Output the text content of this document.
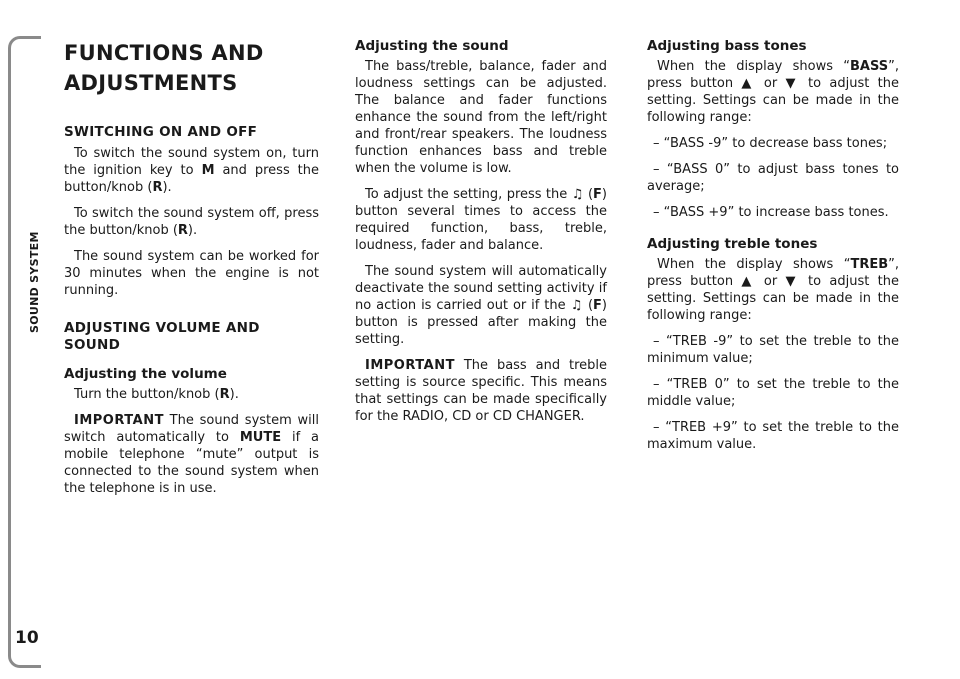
SOUND SYSTEM
10
FUNCTIONS AND
ADJUSTMENTS
SWITCHING ON AND OFF

To switch the sound system on, turn the ignition key to M and press the button/knob (R).

To switch the sound system off, press the button/knob (R).

The sound system can be worked for 30 minutes when the engine is not running.

ADJUSTING VOLUME AND
SOUND
Adjusting the volume

Turn the button/knob (R).

IMPORTANT The sound system will switch automatically to MUTE if a mobile telephone “mute” output is connected to the sound system when the telephone is in use.

Adjusting the sound

The bass/treble, balance, fader and loudness settings can be adjusted. The balance and fader functions enhance the sound from the left/right and front/rear speakers. The loudness function enhances bass and treble when the volume is low.

To adjust the setting, press the ♫ (F) button several times to access the required function, bass, treble, loudness, fader and balance.

The sound system will automatically deactivate the sound setting activity if no action is carried out or if the ♫ (F) button is pressed after making the setting.

IMPORTANT The bass and treble setting is source specific. This means that settings can be made specifically for the RADIO, CD or CD CHANGER.

Adjusting bass tones

When the display shows “BASS”, press button ▲ or ▼ to adjust the setting. Settings can be made in the following range:

– “BASS -9” to decrease bass tones;

– “BASS 0” to adjust bass tones to average;

– “BASS +9” to increase bass tones.

Adjusting treble tones

When the display shows “TREB”, press button ▲ or ▼ to adjust the setting. Settings can be made in the following range:

– “TREB -9” to set the treble to the minimum value;

– “TREB 0” to set the treble to the middle value;

– “TREB +9” to set the treble to the maximum value.
